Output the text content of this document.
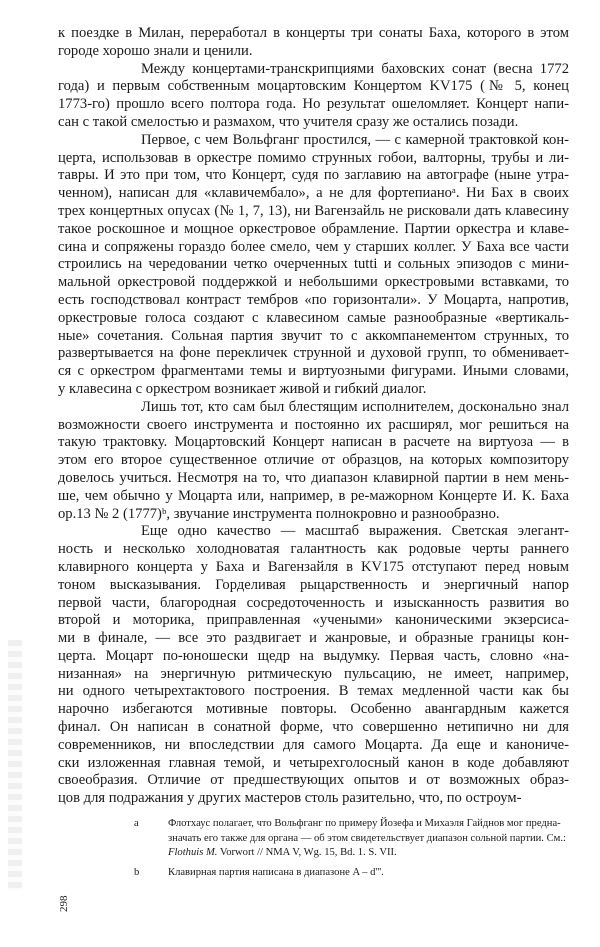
к поездке в Милан, переработал в концерты три сонаты Баха, которого в этом
городе хорошо знали и ценили.
Между концертами-транскрипциями баховских сонат (весна 1772
года) и первым собственным моцартовским Концертом KV175 (№ 5, конец
1773-го) прошло всего полтора года. Но результат ошеломляет. Концерт напи-
сан с такой смелостью и размахом, что учителя сразу же остались позади.
Первое, с чем Вольфганг простился, — с камерной трактовкой кон-
церта, использовав в оркестре помимо струнных гобои, валторны, трубы и ли-
тавры. И это при том, что Концерт, судя по заглавию на автографе (ныне утра-
ченном), написан для «клавичембало», а не для фортепианоᵃ. Ни Бах в своих
трех концертных опусах (№ 1, 7, 13), ни Вагензайль не рисковали дать клавесину
такое роскошное и мощное оркестровое обрамление. Партии оркестра и клаве-
сина и сопряжены гораздо более смело, чем у старших коллег. У Баха все части
строились на чередовании четко очерченных tutti и сольных эпизодов с мини-
мальной оркестровой поддержкой и небольшими оркестровыми вставками, то
есть господствовал контраст тембров «по горизонтали». У Моцарта, напротив,
оркестровые голоса создают с клавесином самые разнообразные «вертикаль-
ные» сочетания. Сольная партия звучит то с аккомпанементом струнных, то
развертывается на фоне перекличек струнной и духовой групп, то обменивает-
ся с оркестром фрагментами темы и виртуозными фигурами. Иными словами,
у клавесина с оркестром возникает живой и гибкий диалог.
Лишь тот, кто сам был блестящим исполнителем, досконально знал
возможности своего инструмента и постоянно их расширял, мог решиться на
такую трактовку. Моцартовский Концерт написан в расчете на виртуоза — в
этом его второе существенное отличие от образцов, на которых композитору
довелось учиться. Несмотря на то, что диапазон клавирной партии в нем мень-
ше, чем обычно у Моцарта или, например, в ре-мажорном Концерте И. К. Баха
op.13 № 2 (1777)ᵇ, звучание инструмента полнокровно и разнообразно.
Еще одно качество — масштаб выражения. Светская элегант-
ность и несколько холодноватая галантность как родовые черты раннего
клавирного концерта у Баха и Вагензайля в KV175 отступают перед новым
тоном высказывания. Горделивая рыцарственность и энергичный напор
первой части, благородная сосредоточенность и изысканность развития во
второй и моторика, приправленная «учеными» каноническими экзерсиса-
ми в финале, — все это раздвигает и жанровые, и образные границы кон-
церта. Моцарт по-юношески щедр на выдумку. Первая часть, словно «на-
низанная» на энергичную ритмическую пульсацию, не имеет, например,
ни одного четырехтактового построения. В темах медленной части как бы
нарочно избегаются мотивные повторы. Особенно авангардным кажется
финал. Он написан в сонатной форме, что совершенно нетипично ни для
современников, ни впоследствии для самого Моцарта. Да еще и канониче-
ски изложенная главная темой, и четырехголосный канон в коде добавляют
своеобразия. Отличие от предшествующих опытов и от возможных образ-
цов для подражания у других мастеров столь разительно, что, по остроум-
a	Флотхаус полагает, что Вольфганг по примеру Йозефа и Михаэля Гайднов мог предна-значать его также для органа — об этом свидетельствует диапазон сольной партии. См.: Flothuis M. Vorwort // NMA V, Wg. 15, Bd. 1. S. VII.
b	Клавирная партия написана в диапазоне A – d'''.
298
